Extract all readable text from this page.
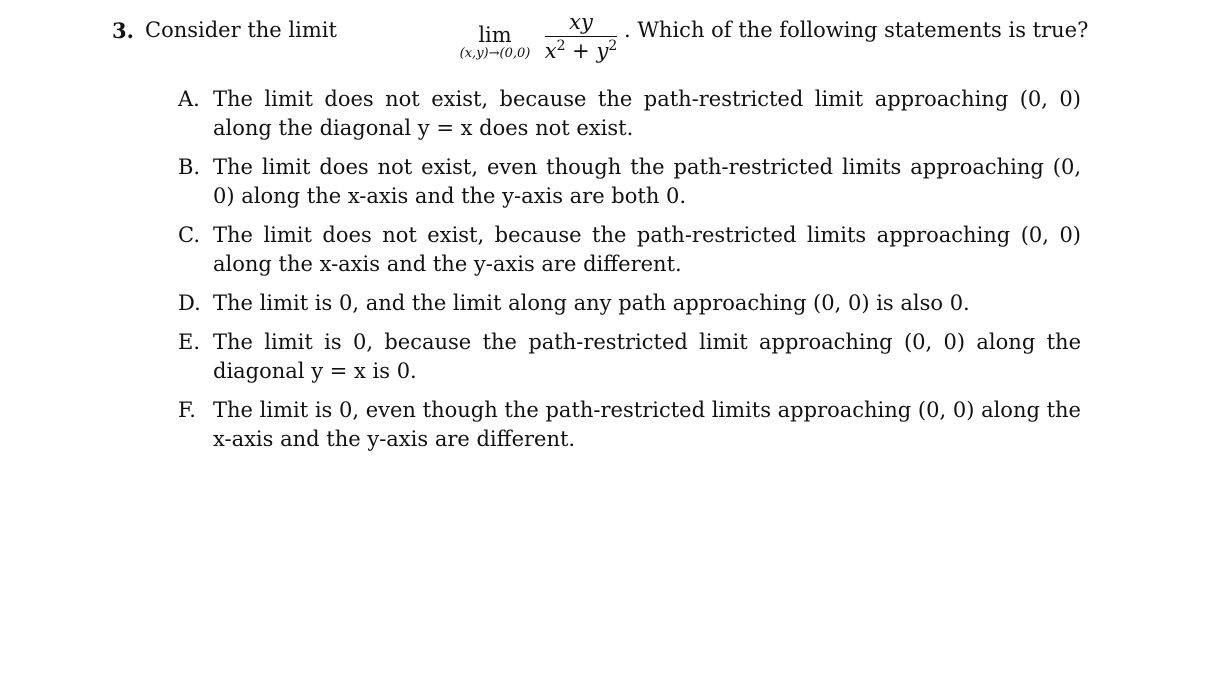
3. Consider the limit	lim
(x,y)→(0,0)
xy
$x^2 + y^2$
. Which of the following statements is true?
A. The limit does not exist, because the path-restricted limit approaching (0, 0) along the diagonal y = x does not exist.
B. The limit does not exist, even though the path-restricted limits approaching (0, 0) along the x-axis and the y-axis are both 0.
C. The limit does not exist, because the path-restricted limits approaching (0, 0) along the x-axis and the y-axis are different.
D. The limit is 0, and the limit along any path approaching (0, 0) is also 0.
E. The limit is 0, because the path-restricted limit approaching (0, 0) along the diagonal y = x is 0.
F. The limit is 0, even though the path-restricted limits approaching (0, 0) along the x-axis and the y-axis are different.
